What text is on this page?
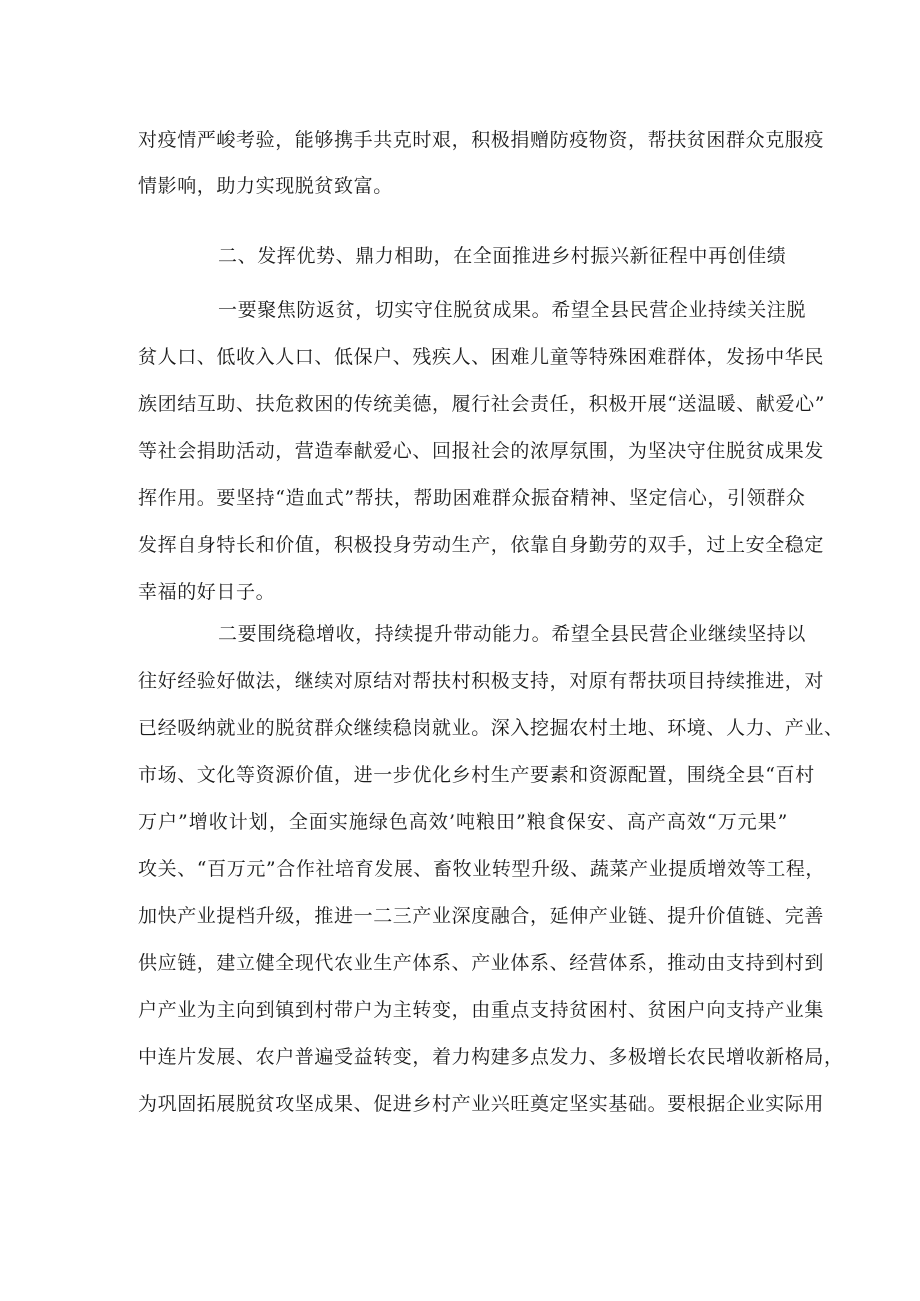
对疫情严峻考验，能够携手共克时艰，积极捐赠防疫物资，帮扶贫困群众克服疫
情影响，助力实现脱贫致富。
二、发挥优势、鼎力相助，在全面推进乡村振兴新征程中再创佳绩
一要聚焦防返贫，切实守住脱贫成果。希望全县民营企业持续关注脱
贫人口、低收入人口、低保户、残疾人、困难儿童等特殊困难群体，发扬中华民
族团结互助、扶危救困的传统美德，履行社会责任，积极开展“送温暖、献爱心”
等社会捐助活动，营造奉献爱心、回报社会的浓厚氛围，为坚决守住脱贫成果发
挥作用。要坚持“造血式”帮扶，帮助困难群众振奋精神、坚定信心，引领群众
发挥自身特长和价值，积极投身劳动生产，依靠自身勤劳的双手，过上安全稳定
幸福的好日子。
二要围绕稳增收，持续提升带动能力。希望全县民营企业继续坚持以
往好经验好做法，继续对原结对帮扶村积极支持，对原有帮扶项目持续推进，对
已经吸纳就业的脱贫群众继续稳岗就业。深入挖掘农村土地、环境、人力、产业、
市场、文化等资源价值，进一步优化乡村生产要素和资源配置，围绕全县“百村
万户”增收计划，全面实施绿色高效’吨粮田”粮食保安、高产高效“万元果”
攻关、“百万元”合作社培育发展、畜牧业转型升级、蔬菜产业提质增效等工程，
加快产业提档升级，推进一二三产业深度融合，延伸产业链、提升价值链、完善
供应链，建立健全现代农业生产体系、产业体系、经营体系，推动由支持到村到
户产业为主向到镇到村带户为主转变，由重点支持贫困村、贫困户向支持产业集
中连片发展、农户普遍受益转变，着力构建多点发力、多极增长农民增收新格局，
为巩固拓展脱贫攻坚成果、促进乡村产业兴旺奠定坚实基础。要根据企业实际用
